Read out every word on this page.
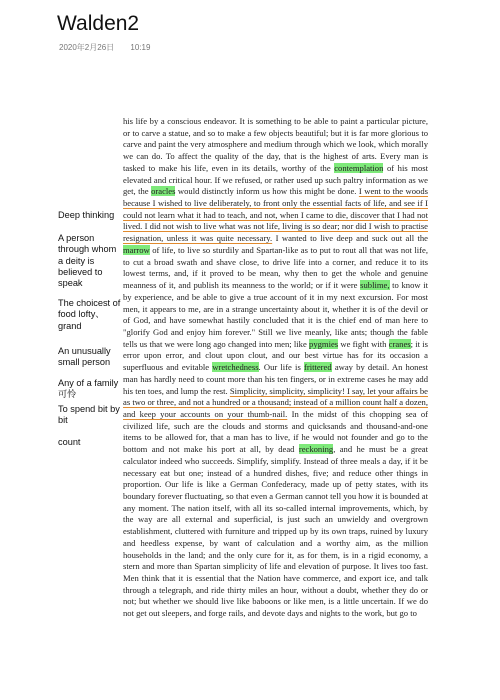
Walden2
2020年2月26日 10:19
Deep thinking
A person through whom a deity is believed to speak
The choicest of food lofty、grand
An unusually small person
Any of a family 可怜
To spend bit by bit
count

his life by a conscious endeavor. It is something to be able to paint a particular picture, or to carve a statue, and so to make a few objects beautiful; but it is far more glorious to carve and paint the very atmosphere and medium through which we look, which morally we can do. To affect the quality of the day, that is the highest of arts. Every man is tasked to make his life, even in its details, worthy of the contemplation of his most elevated and critical hour. If we refused, or rather used up such paltry information as we get, the oracles would distinctly inform us how this might be done. I went to the woods because I wished to live deliberately, to front only the essential facts of life, and see if I could not learn what it had to teach, and not, when I came to die, discover that I had not lived. I did not wish to live what was not life, living is so dear; nor did I wish to practise resignation, unless it was quite necessary. I wanted to live deep and suck out all the marrow of life, to live so sturdily and Spartan-like as to put to rout all that was not life, to cut a broad swath and shave close, to drive life into a corner, and reduce it to its lowest terms, and, if it proved to be mean, why then to get the whole and genuine meanness of it, and publish its meanness to the world; or if it were sublime, to know it by experience, and be able to give a true account of it in my next excursion. For most men, it appears to me, are in a strange uncertainty about it, whether it is of the devil or of God, and have somewhat hastily concluded that it is the chief end of man here to "glorify God and enjoy him forever." Still we live meanly, like ants; though the fable tells us that we were long ago changed into men; like pygmies we fight with cranes; it is error upon error, and clout upon clout, and our best virtue has for its occasion a superfluous and evitable wretchedness. Our life is frittered away by detail. An honest man has hardly need to count more than his ten fingers, or in extreme cases he may add his ten toes, and lump the rest. Simplicity, simplicity, simplicity! I say, let your affairs be as two or three, and not a hundred or a thousand; instead of a million count half a dozen, and keep your accounts on your thumb-nail. In the midst of this chopping sea of civilized life, such are the clouds and storms and quicksands and thousand-and-one items to be allowed for, that a man has to live, if he would not founder and go to the bottom and not make his port at all, by dead reckoning, and he must be a great calculator indeed who succeeds. Simplify, simplify. Instead of three meals a day, if it be necessary eat but one; instead of a hundred dishes, five; and reduce other things in proportion. Our life is like a German Confederacy, made up of petty states, with its boundary forever fluctuating, so that even a German cannot tell you how it is bounded at any moment. The nation itself, with all its so-called internal improvements, which, by the way are all external and superficial, is just such an unwieldy and overgrown establishment, cluttered with furniture and tripped up by its own traps, ruined by luxury and heedless expense, by want of calculation and a worthy aim, as the million households in the land; and the only cure for it, as for them, is in a rigid economy, a stern and more than Spartan simplicity of life and elevation of purpose. It lives too fast. Men think that it is essential that the Nation have commerce, and export ice, and talk through a telegraph, and ride thirty miles an hour, without a doubt, whether they do or not; but whether we should live like baboons or like men, is a little uncertain. If we do not get out sleepers, and forge rails, and devote days and nights to the work, but go to
